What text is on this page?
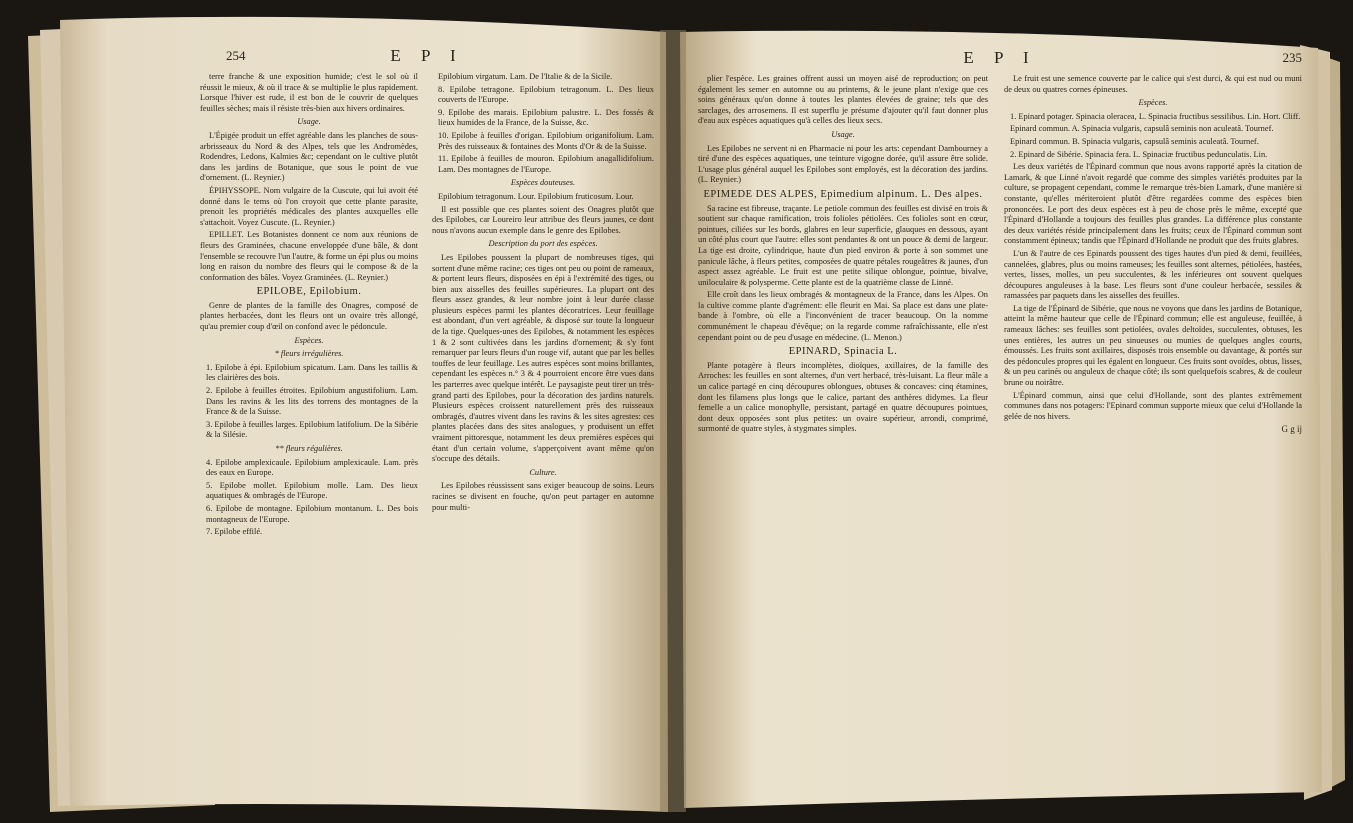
254	E P I

terre franche & une exposition humide; c'est le sol où il réussit le mieux, & où il trace & se multiplie le plus rapidement. Lorsque l'hiver est rude, il est bon de le couvrir de quelques feuilles sèches; mais il résiste très-bien aux hivers ordinaires.

Usage.

L'Épigée produit un effet agréable dans les planches de sous-arbrisseaux du Nord & des Alpes, tels que les Andromèdes, Rodendres, Ledons, Kalmies &c; cependant on le cultive plutôt dans les jardins de Botanique, que sous le point de vue d'ornement. (L. Reynier.)

ÉPIHYSSOPE. Nom vulgaire de la Cuscute, qui lui avoit été donné dans le tems où l'on croyoit que cette plante parasite, prenoit les propriétés médicales des plantes auxquelles elle s'attachoit. Voyez Cuscute. (L. Reynier.)

EPILLET. Les Botanistes donnent ce nom aux réunions de fleurs des Graminées, chacune enveloppée d'une bâle, & dont l'ensemble se recouvre l'un l'autre, & forme un épi plus ou moins long en raison du nombre des fleurs qui le compose & de la conformation des bâles. Voyez Graminées. (L. Reynier.)

EPILOBE, Epilobium.

Genre de plantes de la famille des Onagres, composé de plantes herbacées, dont les fleurs ont un ovaire très allongé, qu'au premier coup d'œil on confond avec le pédoncule.

Espèces.

* fleurs irrégulières.

1. Epilobe à épi. Epilobium spicatum. Lam. Dans les taillis & les clairières des bois.

2. Epilobe à feuilles étroites. Epilobium angustifolium. Lam. Dans les ravins & les lits des torrens des montagnes de la France & de la Suisse.

3. Epilobe à feuilles larges. Epilobium latifolium. De la Sibérie & la Silésie.

** fleurs régulières.

4. Epilobe amplexicaule. Epilobium amplexicaule. Lam. près des eaux en Europe.

5. Epilobe mollet. Epilobium molle. Lam. Des lieux aquatiques & ombragés de l'Europe.

6. Epilobe de montagne. Epilobium montanum. L. Des bois montagneux de l'Europe.

7. Epilobe effilé.

Epilobium virgatum. Lam. De l'Italie & de la Sicile.

8. Epilobe tetragone. Epilobium tetragonum. L. Des lieux couverts de l'Europe.

9. Epilobe des marais. Epilobium palustre. L. Des fossés & lieux humides de la France, de la Suisse, &c.

10. Epilobe à feuilles d'origan. Epilobium origanifolium. Lam. Près des ruisseaux & fontaines des Monts d'Or & de la Suisse.

11. Epilobe à feuilles de mouron. Epilobium anagallidifolium. Lam. Des montagnes de l'Europe.

Espèces douteuses.

Epilobium tetragonum. Lour. Epilobium fruticosum. Lour.

Il est possible que ces plantes soient des Onagres plutôt que des Epilobes, car Loureiro leur attribue des fleurs jaunes, ce dont nous n'avons aucun exemple dans le genre des Epilobes.

Description du port des espèces.

Les Epilobes poussent la plupart de nombreuses tiges, qui sortent d'une même racine; ces tiges ont peu ou point de rameaux, & portent leurs fleurs, disposées en épi à l'extrémité des tiges, ou bien aux aisselles des feuilles supérieures. La plupart ont des fleurs assez grandes, & leur nombre joint à leur durée classe plusieurs espèces parmi les plantes décoratrices. Leur feuillage est abondant, d'un vert agréable, & disposé sur toute la longueur de la tige. Quelques-unes des Epilobes, & notamment les espèces 1 & 2 sont cultivées dans les jardins d'ornement; & s'y font remarquer par leurs fleurs d'un rouge vif, autant que par les belles touffes de leur feuillage. Les autres espèces sont moins brillantes, cependant les espèces n.° 3 & 4 pourroient encore être vues dans les parterres avec quelque intérêt. Le paysagiste peut tirer un très-grand parti des Epilobes, pour la décoration des jardins naturels. Plusieurs espèces croissent naturellement près des ruisseaux ombragés, d'autres vivent dans les ravins & les sites agrestes: ces plantes placées dans des sites analogues, y produisent un effet vraiment pittoresque, notamment les deux premières espèces qui étant d'un certain volume, s'apperçoivent avant même qu'on s'occupe des détails.

Culture.

Les Epilobes réussissent sans exiger beaucoup de soins. Leurs racines se divisent en fouche, qu'on peut partager en automne pour multi-

E P I	235

plier l'espèce. Les graines offrent aussi un moyen aisé de reproduction; on peut également les semer en automne ou au printems, & le jeune plant n'exige que ces soins généraux qu'on donne à toutes les plantes élevées de graine; tels que des sarclages, des arrosemens. Il est superflu je présume d'ajouter qu'il faut donner plus d'eau aux espèces aquatiques qu'à celles des lieux secs.

Usage.

Les Epilobes ne servent ni en Pharmacie ni pour les arts: cependant Dambourney a tiré d'une des espèces aquatiques, une teinture vigogne dorée, qu'il assure être solide. L'usage plus général auquel les Epilobes sont employés, est la décoration des jardins. (L. Reynier.)

EPIMEDE DES ALPES, Epimedium alpinum. L. Des alpes.

Sa racine est fibreuse, traçante. Le petiole commun des feuilles est divisé en trois & soutient sur chaque ramification, trois folioles pétiolées. Ces folioles sont en cœur, pointues, ciliées sur les bords, glabres en leur superficie, glauques en dessous, ayant un côté plus court que l'autre: elles sont pendantes & ont un pouce & demi de largeur. La tige est droite, cylindrique, haute d'un pied environ & porte à son sommet une panicule lâche, à fleurs petites, composées de quatre pétales rougeâtres & jaunes, d'un aspect assez agréable. Le fruit est une petite silique oblongue, pointue, bivalve, uniloculaire & polysperme. Cette plante est de la quatrième classe de Linné.

Elle croît dans les lieux ombragés & montagneux de la France, dans les Alpes. On la cultive comme plante d'agrément: elle fleurit en Mai. Sa place est dans une plate-bande à l'ombre, où elle a l'inconvénient de tracer beaucoup. On la nomme communément le chapeau d'évêque; on la regarde comme rafraîchissante, elle n'est cependant point ou de peu d'usage en médecine. (L. Menon.)

EPINARD, Spinacia L.

Plante potagère à fleurs incomplètes, dioïques, axillaires, de la famille des Arroches: les feuilles en sont alternes, d'un vert herbacé, très-luisant. La fleur mâle a un calice partagé en cinq découpures oblongues, obtuses & concaves: cinq étamines, dont les filamens plus longs que le calice, partant des anthères didymes. La fleur femelle a un calice monophylle, persistant, partagé en quatre découpures pointues, dont deux opposées sont plus petites: un ovaire supérieur, arrondi, comprimé, surmonté de quatre styles, à stygmates simples.

Le fruit est une semence couverte par le calice qui s'est durci, & qui est nud ou muni de deux ou quatres cornes épineuses.

Espèces.

1. Epinard potager. Spinacia oleracea, L. Spinacia fructibus sessilibus. Lin. Hort. Cliff.

Epinard commun. A. Spinacia vulgaris, capsulâ seminis non aculeatâ. Tournef.

Epinard commun. B. Spinacia vulgaris, capsulâ seminis aculeatâ. Tournef.

2. Epinard de Sibérie. Spinacia fera. L. Spinaciæ fructibus pedunculatis. Lin.

Les deux variétés de l'Épinard commun que nous avons rapporté après la citation de Lamark, & que Linné n'avoit regardé que comme des simples variétés produites par la culture, se propagent cependant, comme le remarque très-bien Lamark, d'une manière si constante, qu'elles mériteroient plutôt d'être regardées comme des espèces bien prononcées. Le port des deux espèces est à peu de chose près le même, excepté que l'Épinard d'Hollande a toujours des feuilles plus grandes. La différence plus constante des deux variétés réside principalement dans les fruits; ceux de l'Épinard commun sont constamment épineux; tandis que l'Épinard d'Hollande ne produit que des fruits glabres.

L'un & l'autre de ces Epinards poussent des tiges hautes d'un pied & demi, feuillées, cannelées, glabres, plus ou moins rameuses; les feuilles sont alternes, pétiolées, hastées, vertes, lisses, molles, un peu succulentes, & les inférieures ont souvent quelques découpures anguleuses à la base. Les fleurs sont d'une couleur herbacée, sessiles & ramassées par paquets dans les aisselles des feuilles.

La tige de l'Épinard de Sibérie, que nous ne voyons que dans les jardins de Botanique, atteint la même hauteur que celle de l'Épinard commun; elle est anguleuse, feuillée, à rameaux lâches: ses feuilles sont petiolées, ovales deltoïdes, succulentes, obtuses, les unes entières, les autres un peu sinueuses ou munies de quelques angles courts, émoussés. Les fruits sont axillaires, disposés trois ensemble ou davantage, & portés sur des pédoncules propres qui les égalent en longueur. Ces fruits sont ovoïdes, obtus, lisses, & un peu carinés ou anguleux de chaque côté; ils sont quelquefois scabres, & de couleur brune ou noirâtre.

L'Épinard commun, ainsi que celui d'Hollande, sont des plantes extrêmement communes dans nos potagers: l'Epinard commun supporte mieux que celui d'Hollande la gelée de nos hivers.

G g ij
